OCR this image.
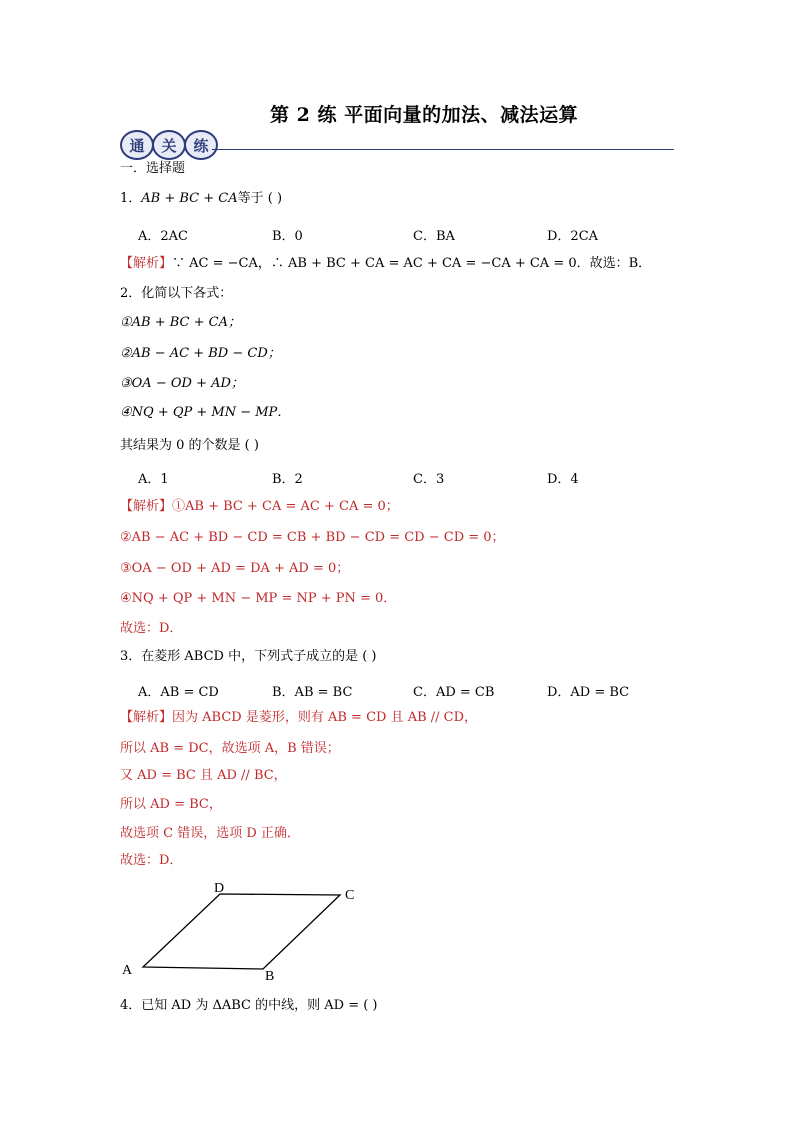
第 2 练 平面向量的加法、减法运算
通	关	练
一．选择题
1．AB + BC + CA等于 ( )
A．2AC	B．0	C．BA	D．2CA
【解析】∵ AC = −CA，∴ AB + BC + CA = AC + CA = −CA + CA = 0．故选：B．
2．化简以下各式：
①AB + BC + CA；
②AB − AC + BD − CD；
③OA − OD + AD；
④NQ + QP + MN − MP．
其结果为 0 的个数是 ( )
A．1	B．2	C．3	D．4
【解析】①AB + BC + CA = AC + CA = 0；
②AB − AC + BD − CD = CB + BD − CD = CD − CD = 0；
③OA − OD + AD = DA + AD = 0；
④NQ + QP + MN − MP = NP + PN = 0．
故选：D．
3．在菱形 ABCD 中，下列式子成立的是 ( )
A．AB = CD	B．AB = BC	C．AD = CB	D．AD = BC
【解析】因为 ABCD 是菱形，则有 AB = CD 且 AB // CD，
所以 AB = DC，故选项 A，B 错误；
又 AD = BC 且 AD // BC，
所以 AD = BC，
故选项 C 错误，选项 D 正确．
故选：D．
A	B
C
D
4．已知 AD 为 ΔABC 的中线，则 AD = ( )
